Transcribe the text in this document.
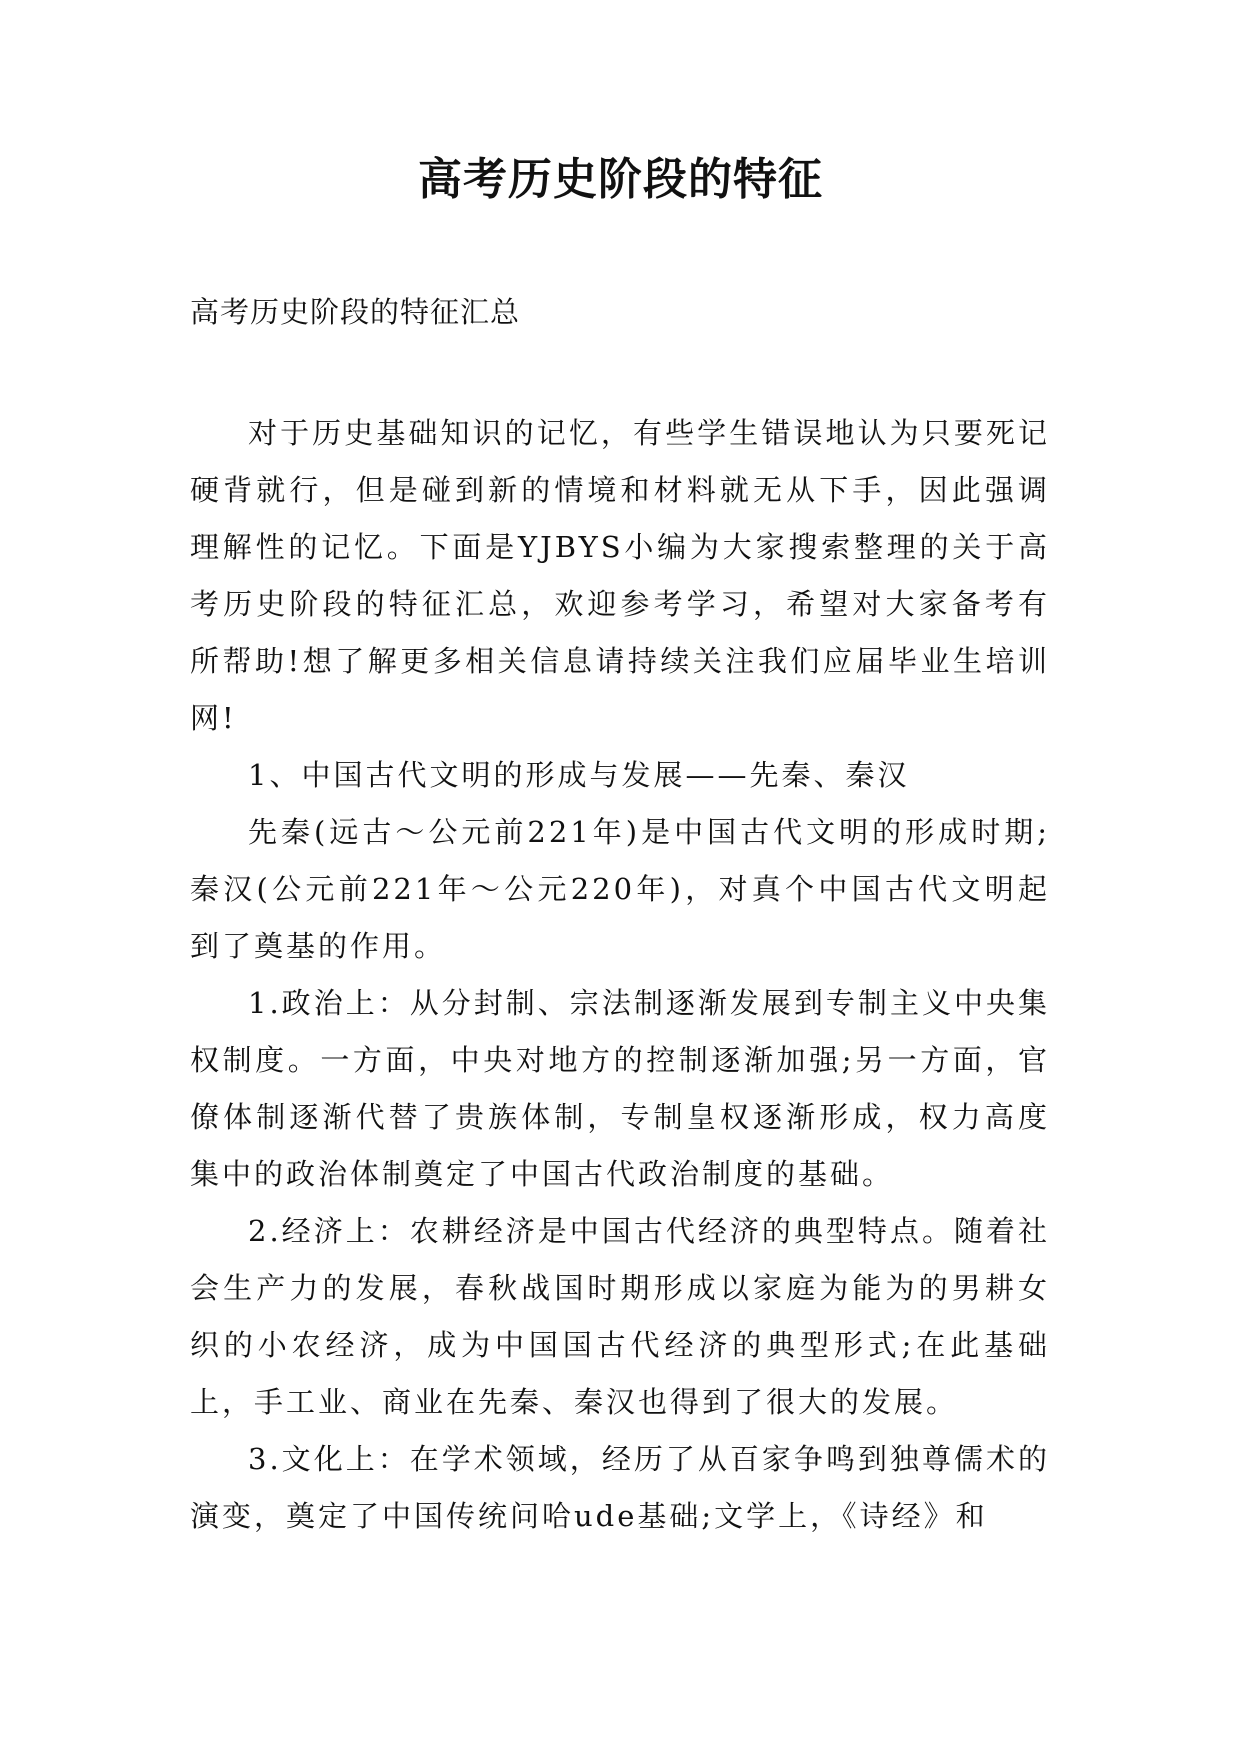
高考历史阶段的特征
高考历史阶段的特征汇总

对于历史基础知识的记忆，有些学生错误地认为只要死记硬背就行，但是碰到新的情境和材料就无从下手，因此强调理解性的记忆。下面是YJBYS小编为大家搜索整理的关于高考历史阶段的特征汇总，欢迎参考学习，希望对大家备考有所帮助!想了解更多相关信息请持续关注我们应届毕业生培训网!

1、中国古代文明的形成与发展——先秦、秦汉

先秦(远古～公元前221年)是中国古代文明的形成时期;秦汉(公元前221年～公元220年)，对真个中国古代文明起到了奠基的作用。

1.政治上：从分封制、宗法制逐渐发展到专制主义中央集权制度。一方面，中央对地方的控制逐渐加强;另一方面，官僚体制逐渐代替了贵族体制，专制皇权逐渐形成，权力高度集中的政治体制奠定了中国古代政治制度的基础。

2.经济上：农耕经济是中国古代经济的典型特点。随着社会生产力的发展，春秋战国时期形成以家庭为能为的男耕女织的小农经济，成为中国国古代经济的典型形式;在此基础上，手工业、商业在先秦、秦汉也得到了很大的发展。

3.文化上：在学术领域，经历了从百家争鸣到独尊儒术的演变，奠定了中国传统问哈ude基础;文学上，《诗经》和
